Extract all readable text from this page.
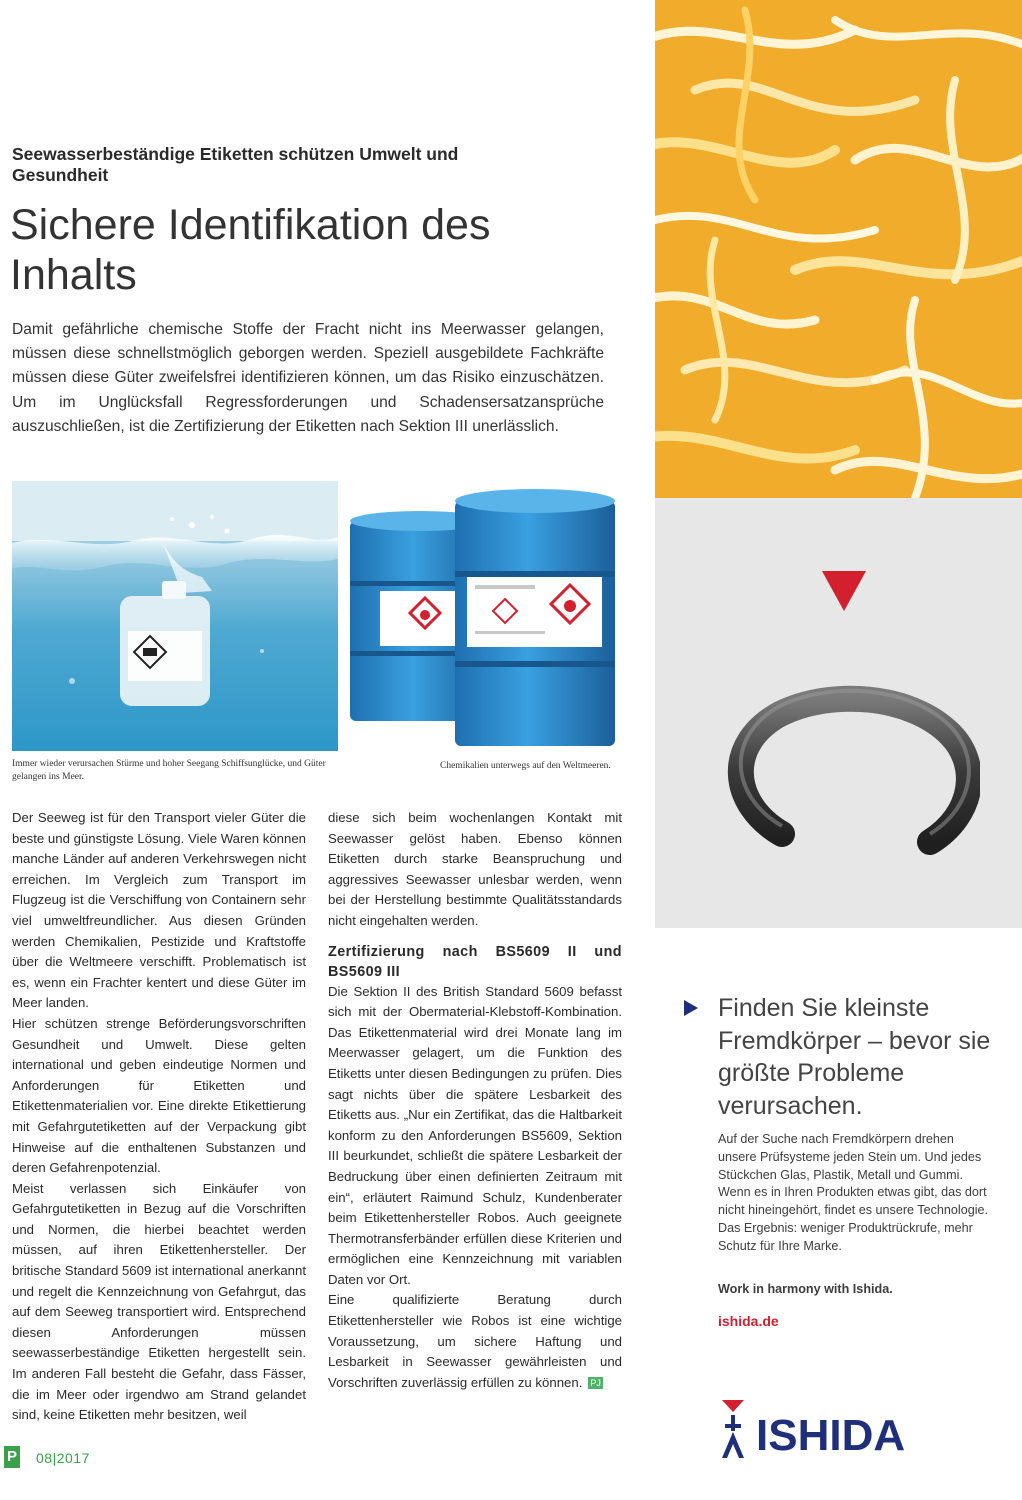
Seewasserbeständige Etiketten schützen Umwelt und Gesundheit
Sichere Identifikation des Inhalts
Damit gefährliche chemische Stoffe der Fracht nicht ins Meerwasser gelangen, müssen diese schnellstmöglich geborgen werden. Speziell ausgebildete Fachkräfte müssen diese Güter zweifelsfrei identifizieren können, um das Risiko einzuschätzen. Um im Unglücksfall Regressforderungen und Schadensersatzansprüche auszuschließen, ist die Zertifizierung der Etiketten nach Sektion III unerlässlich.
Immer wieder verursachen Stürme und hoher Seegang Schiffsunglücke, und Güter gelangen ins Meer.
Chemikalien unterwegs auf den Weltmeeren.

Der Seeweg ist für den Transport vieler Güter die beste und günstigste Lösung. Viele Waren können manche Länder auf anderen Verkehrswegen nicht erreichen. Im Vergleich zum Transport im Flugzeug ist die Verschiffung von Containern sehr viel umweltfreundlicher. Aus diesen Gründen werden Chemikalien, Pestizide und Kraftstoffe über die Weltmeere verschifft. Problematisch ist es, wenn ein Frachter kentert und diese Güter im Meer landen.

Hier schützen strenge Beförderungsvorschriften Gesundheit und Umwelt. Diese gelten international und geben eindeutige Normen und Anforderungen für Etiketten und Etikettenmaterialien vor. Eine direkte Etikettierung mit Gefahrgutetiketten auf der Verpackung gibt Hinweise auf die enthaltenen Substanzen und deren Gefahrenpotenzial.

Meist verlassen sich Einkäufer von Gefahrgutetiketten in Bezug auf die Vorschriften und Normen, die hierbei beachtet werden müssen, auf ihren Etikettenhersteller. Der britische Standard 5609 ist international anerkannt und regelt die Kennzeichnung von Gefahrgut, das auf dem Seeweg transportiert wird. Entsprechend diesen Anforderungen müssen seewasserbeständige Etiketten hergestellt sein. Im anderen Fall besteht die Gefahr, dass Fässer, die im Meer oder irgendwo am Strand gelandet sind, keine Etiketten mehr besitzen, weil

diese sich beim wochenlangen Kontakt mit Seewasser gelöst haben. Ebenso können Etiketten durch starke Beanspruchung und aggressives Seewasser unlesbar werden, wenn bei der Herstellung bestimmte Qualitätsstandards nicht eingehalten werden.

Zertifizierung nach BS5609 II und BS5609 III

Die Sektion II des British Standard 5609 befasst sich mit der Obermaterial-Klebstoff-Kombination. Das Etikettenmaterial wird drei Monate lang im Meerwasser gelagert, um die Funktion des Etiketts unter diesen Bedingungen zu prüfen. Dies sagt nichts über die spätere Lesbarkeit des Etiketts aus. „Nur ein Zertifikat, das die Haltbarkeit konform zu den Anforderungen BS5609, Sektion III beurkundet, schließt die spätere Lesbarkeit der Bedruckung über einen definierten Zeitraum mit ein“, erläutert Raimund Schulz, Kundenberater beim Etikettenhersteller Robos. Auch geeignete Thermotransferbänder erfüllen diese Kriterien und ermöglichen eine Kennzeichnung mit variablen Daten vor Ort.

Eine qualifizierte Beratung durch Etikettenhersteller wie Robos ist eine wichtige Voraussetzung, um sichere Haftung und Lesbarkeit in Seewasser gewährleisten und Vorschriften zuverlässig erfüllen zu können. PJ

P 08|2017
Finden Sie kleinste Fremdkörper – bevor sie größte Probleme verursachen.
Auf der Suche nach Fremdkörpern drehen unsere Prüfsysteme jeden Stein um. Und jedes Stückchen Glas, Plastik, Metall und Gummi. Wenn es in Ihren Produkten etwas gibt, das dort nicht hineingehört, findet es unsere Technologie. Das Ergebnis: weniger Produktrückrufe, mehr Schutz für Ihre Marke.
Work in harmony with Ishida.
ishida.de
ISHIDA
